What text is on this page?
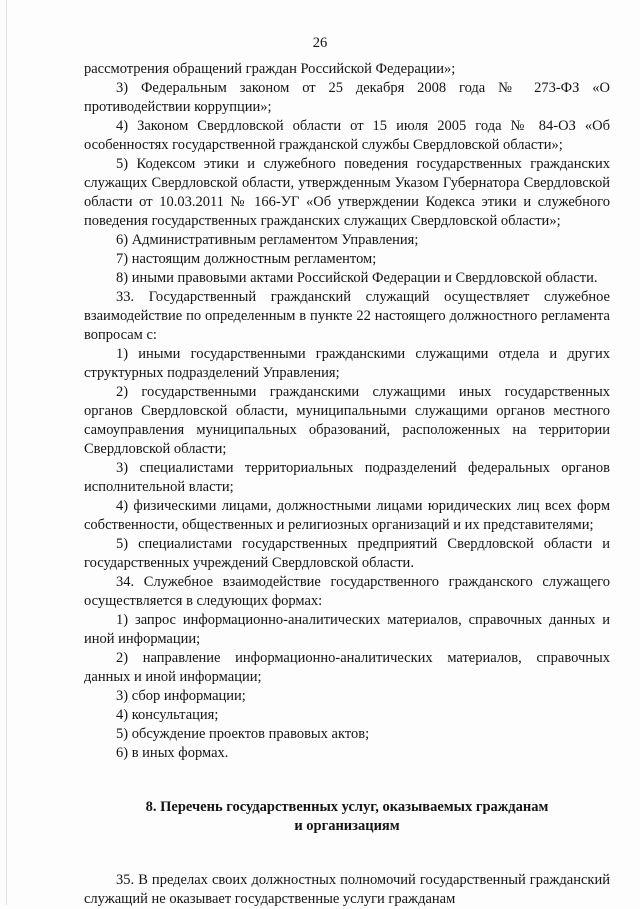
26

рассмотрения обращений граждан Российской Федерации»;

3) Федеральным законом от 25 декабря 2008 года № 273-ФЗ «О противодействии коррупции»;

4) Законом Свердловской области от 15 июля 2005 года № 84-ОЗ «Об особенностях государственной гражданской службы Свердловской области»;

5) Кодексом этики и служебного поведения государственных гражданских служащих Свердловской области, утвержденным Указом Губернатора Свердловской области от 10.03.2011 № 166-УГ «Об утверждении Кодекса этики и служебного поведения государственных гражданских служащих Свердловской области»;

6) Административным регламентом Управления;

7) настоящим должностным регламентом;

8) иными правовыми актами Российской Федерации и Свердловской области.

33. Государственный гражданский служащий осуществляет служебное взаимодействие по определенным в пункте 22 настоящего должностного регламента вопросам с:

1) иными государственными гражданскими служащими отдела и других структурных подразделений Управления;

2) государственными гражданскими служащими иных государственных органов Свердловской области, муниципальными служащими органов местного самоуправления муниципальных образований, расположенных на территории Свердловской области;

3) специалистами территориальных подразделений федеральных органов исполнительной власти;

4) физическими лицами, должностными лицами юридических лиц всех форм собственности, общественных и религиозных организаций и их представителями;

5) специалистами государственных предприятий Свердловской области и государственных учреждений Свердловской области.

34. Служебное взаимодействие государственного гражданского служащего осуществляется в следующих формах:

1) запрос информационно-аналитических материалов, справочных данных и иной информации;

2) направление информационно-аналитических материалов, справочных данных и иной информации;

3) сбор информации;

4) консультация;

5) обсуждение проектов правовых актов;

6) в иных формах.

8. Перечень государственных услуг, оказываемых гражданам
и организациям

35. В пределах своих должностных полномочий государственный гражданский служащий не оказывает государственные услуги гражданам
